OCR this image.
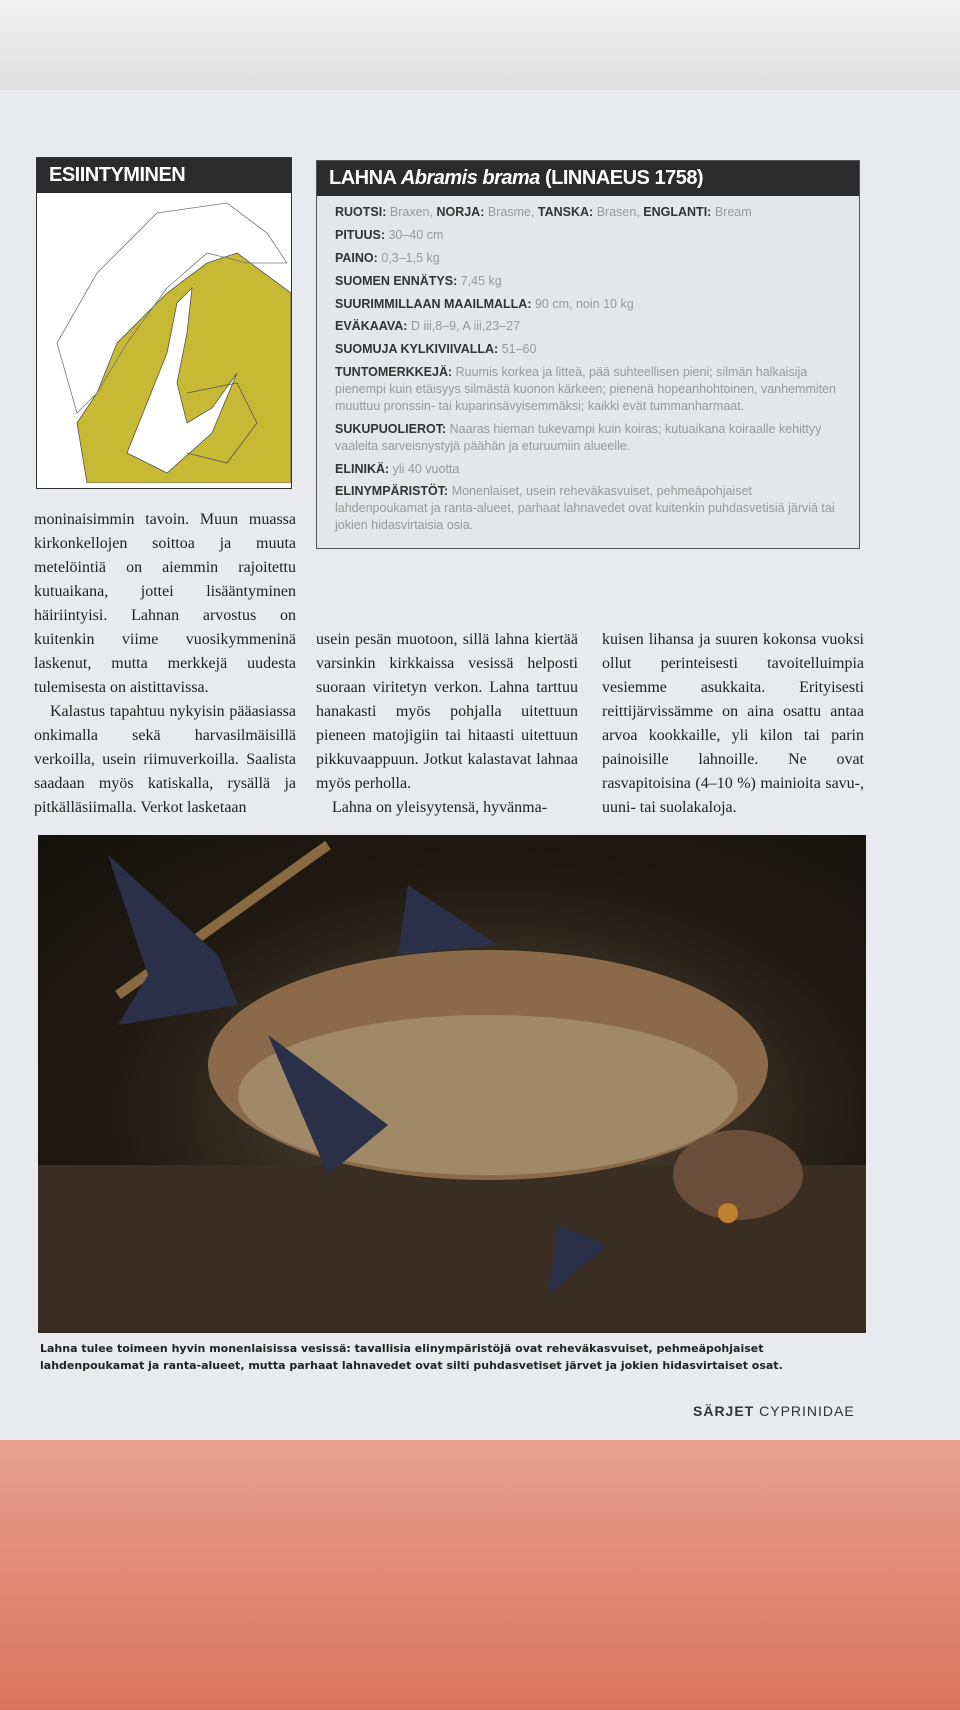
ESIINTYMINEN	LAHNA Abramis brama (LINNAEUS 1758)

RUOTSI: Braxen, NORJA: Brasme, TANSKA: Brasen, ENGLANTI: Bream

PITUUS: 30–40 cm

PAINO: 0,3–1,5 kg

SUOMEN ENNÄTYS: 7,45 kg

SUURIMMILLAAN MAAILMALLA: 90 cm, noin 10 kg

EVÄKAAVA: D iii,8–9, A iii,23–27

SUOMUJA KYLKIVIIVALLA: 51–60

TUNTOMERKKEJÄ: Ruumis korkea ja litteä, pää suhteellisen pieni; silmän halkaisija pienempi kuin etäisyys silmästä kuonon kärkeen; pienenä hopeanhohtoinen, vanhemmiten muuttuu pronssin- tai kuparinsävyisemmäksi; kaikki evät tummanharmaat.

SUKUPUOLIEROT: Naaras hieman tukevampi kuin koiras; kutuaikana koiraalle kehittyy vaaleita sarveisnystyjä päähän ja eturuumiin alueelle.

ELINIKÄ: yli 40 vuotta

ELINYMPÄRISTÖT: Monenlaiset, usein reheväkasvuiset, pehmeäpohjaiset lahdenpoukamat ja ranta-alueet, parhaat lahnavedet ovat kuitenkin puhdasvetisiä järviä tai jokien hidasvirtaisia osia.

moninaisimmin tavoin. Muun muassa kirkonkellojen soittoa ja muuta metelöintiä on aiemmin rajoitettu kutuaikana, jottei lisääntyminen häiriintyisi. Lahnan arvostus on kuitenkin viime vuosikymmeninä laskenut, mutta merkkejä uudesta tulemisesta on aistittavissa.

Kalastus tapahtuu nykyisin pääasiassa onkimalla sekä harvasilmäisillä verkoilla, usein riimuverkoilla. Saalista saadaan myös katiskalla, rysällä ja pitkälläsiimalla. Verkot lasketaan

usein pesän muotoon, sillä lahna kiertää varsinkin kirkkaissa vesissä helposti suoraan viritetyn verkon. Lahna tarttuu hanakasti myös pohjalla uitettuun pieneen matojigiin tai hitaasti uitettuun pikkuvaappuun. Jotkut kalastavat lahnaa myös perholla.

Lahna on yleisyytensä, hyvänma-

kuisen lihansa ja suuren kokonsa vuoksi ollut perinteisesti tavoitelluimpia vesiemme asukkaita. Erityisesti reittijärvissämme on aina osattu antaa arvoa kookkaille, yli kilon tai parin painoisille lahnoille. Ne ovat rasvapitoisina (4–10 %) mainioita savu-, uuni- tai suolakaloja.

Lahna tulee toimeen hyvin monenlaisissa vesissä: tavallisia elinympäristöjä ovat reheväkasvuiset, pehmeäpohjaiset lahdenpoukamat ja ranta-alueet, mutta parhaat lahnavedet ovat silti puhdasvetiset järvet ja jokien hidasvirtaiset osat.
SÄRJET CYPRINIDAE
